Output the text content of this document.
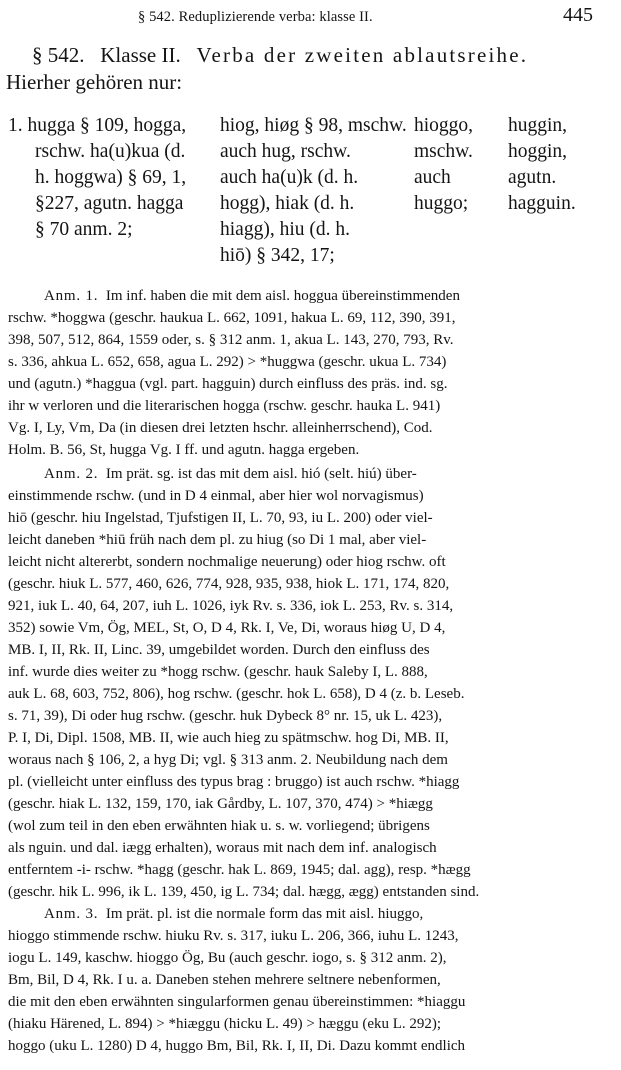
§ 542. Reduplizierende verba: klasse II.	445
§ 542. Klasse II. Verba der zweiten ablautsreihe.
Hierher gehören nur:
1. hugga § 109, hogga,
rschw. ha(u)kua (d.
h. hoggwa) § 69, 1,
§227, agutn. hagga
§ 70 anm. 2;
hiog, hiøg § 98, mschw.
auch hug, rschw.
auch ha(u)k (d. h.
hogg), hiak (d. h.
hiagg), hiu (d. h.
hiō) § 342, 17;
hioggo,
mschw.
auch
huggo;
huggin,
hoggin,
agutn.
hagguin.
Anm. 1. Im inf. haben die mit dem aisl. hoggua übereinstimmenden
rschw. *hoggwa (geschr. haukua L. 662, 1091, hakua L. 69, 112, 390, 391,
398, 507, 512, 864, 1559 oder, s. § 312 anm. 1, akua L. 143, 270, 793, Rv.
s. 336, ahkua L. 652, 658, agua L. 292) > *huggwa (geschr. ukua L. 734)
und (agutn.) *haggua (vgl. part. hagguin) durch einfluss des präs. ind. sg.
ihr w verloren und die literarischen hogga (rschw. geschr. hauka L. 941)
Vg. I, Ly, Vm, Da (in diesen drei letzten hschr. alleinherrschend), Cod.
Holm. B. 56, St, hugga Vg. I ff. und agutn. hagga ergeben.
Anm. 2. Im prät. sg. ist das mit dem aisl. hió (selt. hiú) über-
einstimmende rschw. (und in D 4 einmal, aber hier wol norvagismus)
hiō (geschr. hiu Ingelstad, Tjufstigen II, L. 70, 93, iu L. 200) oder viel-
leicht daneben *hiū früh nach dem pl. zu hiug (so Di 1 mal, aber viel-
leicht nicht altererbt, sondern nochmalige neuerung) oder hiog rschw. oft
(geschr. hiuk L. 577, 460, 626, 774, 928, 935, 938, hiok L. 171, 174, 820,
921, iuk L. 40, 64, 207, iuh L. 1026, iyk Rv. s. 336, iok L. 253, Rv. s. 314,
352) sowie Vm, Ög, MEL, St, O, D 4, Rk. I, Ve, Di, woraus hiøg U, D 4,
MB. I, II, Rk. II, Linc. 39, umgebildet worden. Durch den einfluss des
inf. wurde dies weiter zu *hogg rschw. (geschr. hauk Saleby I, L. 888,
auk L. 68, 603, 752, 806), hog rschw. (geschr. hok L. 658), D 4 (z. b. Leseb.
s. 71, 39), Di oder hug rschw. (geschr. huk Dybeck 8° nr. 15, uk L. 423),
P. I, Di, Dipl. 1508, MB. II, wie auch hieg zu spätmschw. hog Di, MB. II,
woraus nach § 106, 2, a hyg Di; vgl. § 313 anm. 2. Neubildung nach dem
pl. (vielleicht unter einfluss des typus brag : bruggo) ist auch rschw. *hiagg
(geschr. hiak L. 132, 159, 170, iak Gårdby, L. 107, 370, 474) > *hiægg
(wol zum teil in den eben erwähnten hiak u. s. w. vorliegend; übrigens
als nguin. und dal. iægg erhalten), woraus mit nach dem inf. analogisch
entferntem -i- rschw. *hagg (geschr. hak L. 869, 1945; dal. agg), resp. *hægg
(geschr. hik L. 996, ik L. 139, 450, ig L. 734; dal. hægg, ægg) entstanden sind.
Anm. 3. Im prät. pl. ist die normale form das mit aisl. hiuggo,
hioggo stimmende rschw. hiuku Rv. s. 317, iuku L. 206, 366, iuhu L. 1243,
iogu L. 149, kaschw. hioggo Ög, Bu (auch geschr. iogo, s. § 312 anm. 2),
Bm, Bil, D 4, Rk. I u. a. Daneben stehen mehrere seltnere nebenformen,
die mit den eben erwähnten singularformen genau übereinstimmen: *hiaggu
(hiaku Härened, L. 894) > *hiæggu (hicku L. 49) > hæggu (eku L. 292);
hoggo (uku L. 1280) D 4, huggo Bm, Bil, Rk. I, II, Di. Dazu kommt endlich
